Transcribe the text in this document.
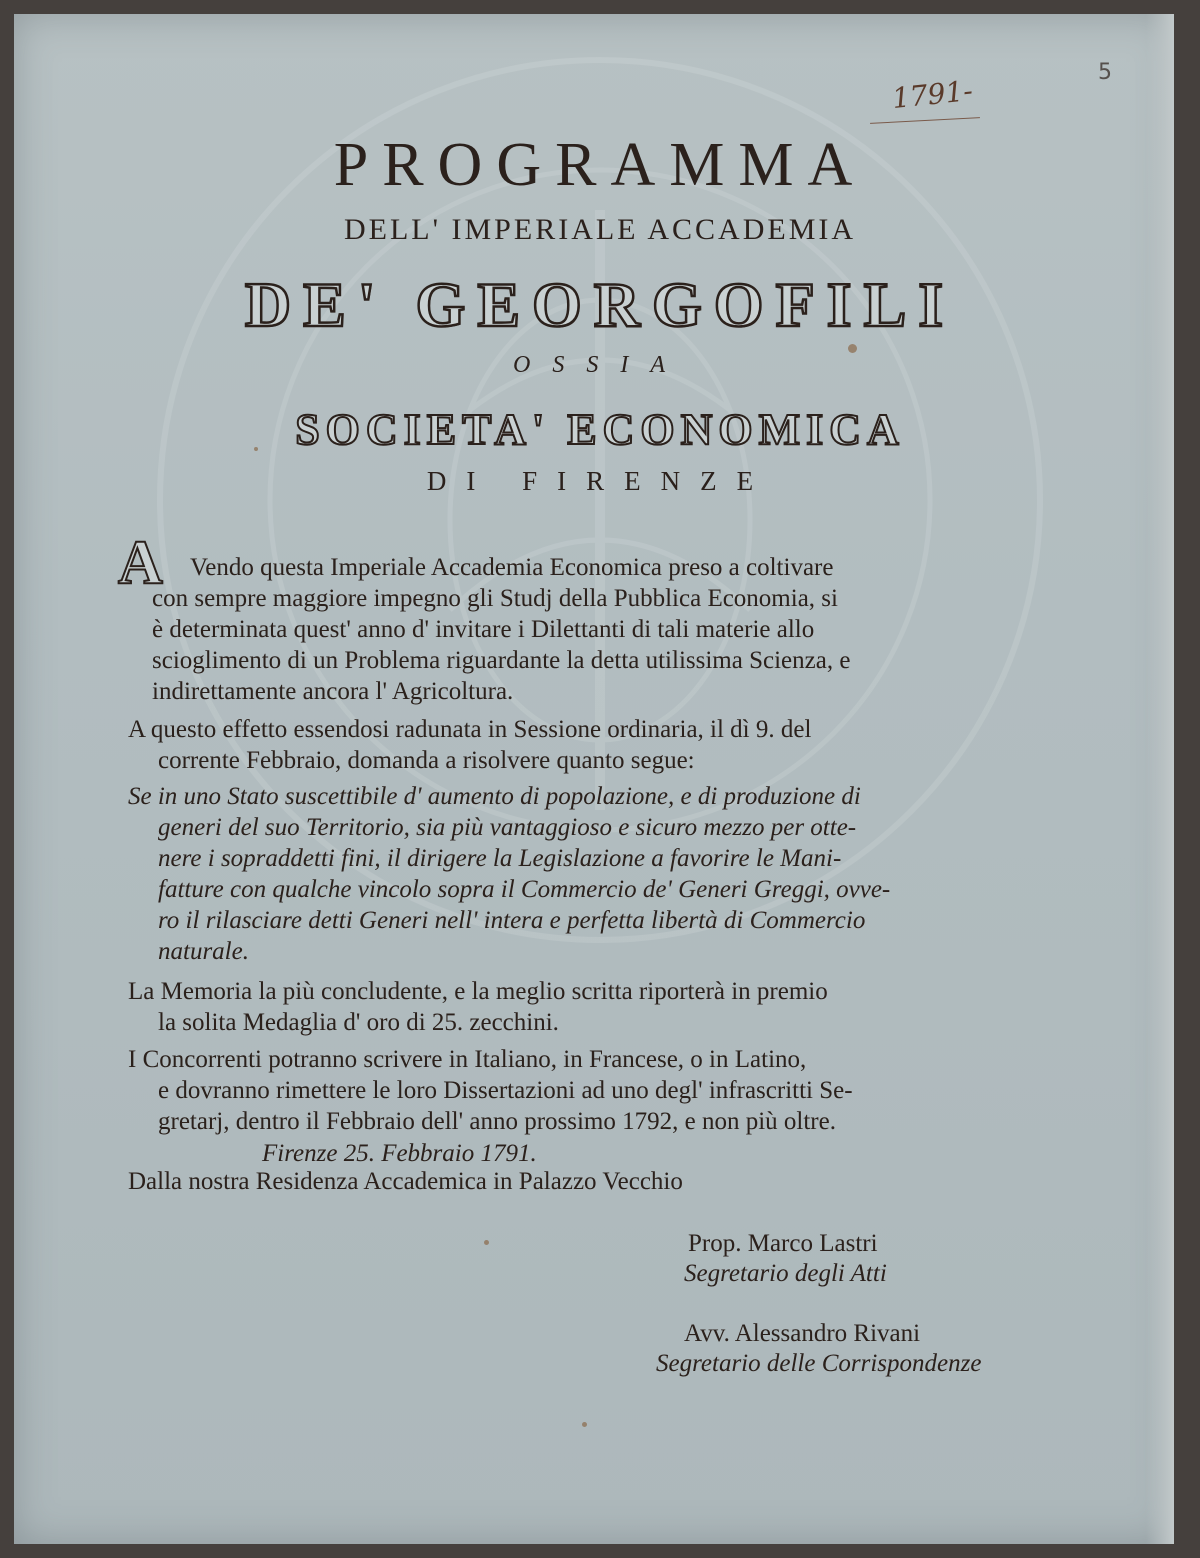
1791-
5
PROGRAMMA
DELL' IMPERIALE ACCADEMIA
DE' GEORGOFILI
OSSIA
SOCIETA' ECONOMICA
DI FIRENZE
A Vendo questa Imperiale Accademia Economica preso a coltivare
con sempre maggiore impegno gli Studj della Pubblica Economia, si
è determinata quest' anno d' invitare i Dilettanti di tali materie allo
scioglimento di un Problema riguardante la detta utilissima Scienza, e
indirettamente ancora l' Agricoltura.
A questo effetto essendosi radunata in Sessione ordinaria, il dì 9. del
corrente Febbraio, domanda a risolvere quanto segue:
Se in uno Stato suscettibile d' aumento di popolazione, e di produzione di
generi del suo Territorio, sia più vantaggioso e sicuro mezzo per otte-
nere i sopraddetti fini, il dirigere la Legislazione a favorire le Mani-
fatture con qualche vincolo sopra il Commercio de' Generi Greggi, ovve-
ro il rilasciare detti Generi nell' intera e perfetta libertà di Commercio
naturale.
La Memoria la più concludente, e la meglio scritta riporterà in premio
la solita Medaglia d' oro di 25. zecchini.
I Concorrenti potranno scrivere in Italiano, in Francese, o in Latino,
e dovranno rimettere le loro Dissertazioni ad uno degl' infrascritti Se-
gretarj, dentro il Febbraio dell' anno prossimo 1792, e non più oltre.
Firenze 25. Febbraio 1791.
Dalla nostra Residenza Accademica in Palazzo Vecchio
Prop. Marco Lastri
Segretario degli Atti
Avv. Alessandro Rivani
Segretario delle Corrispondenze
